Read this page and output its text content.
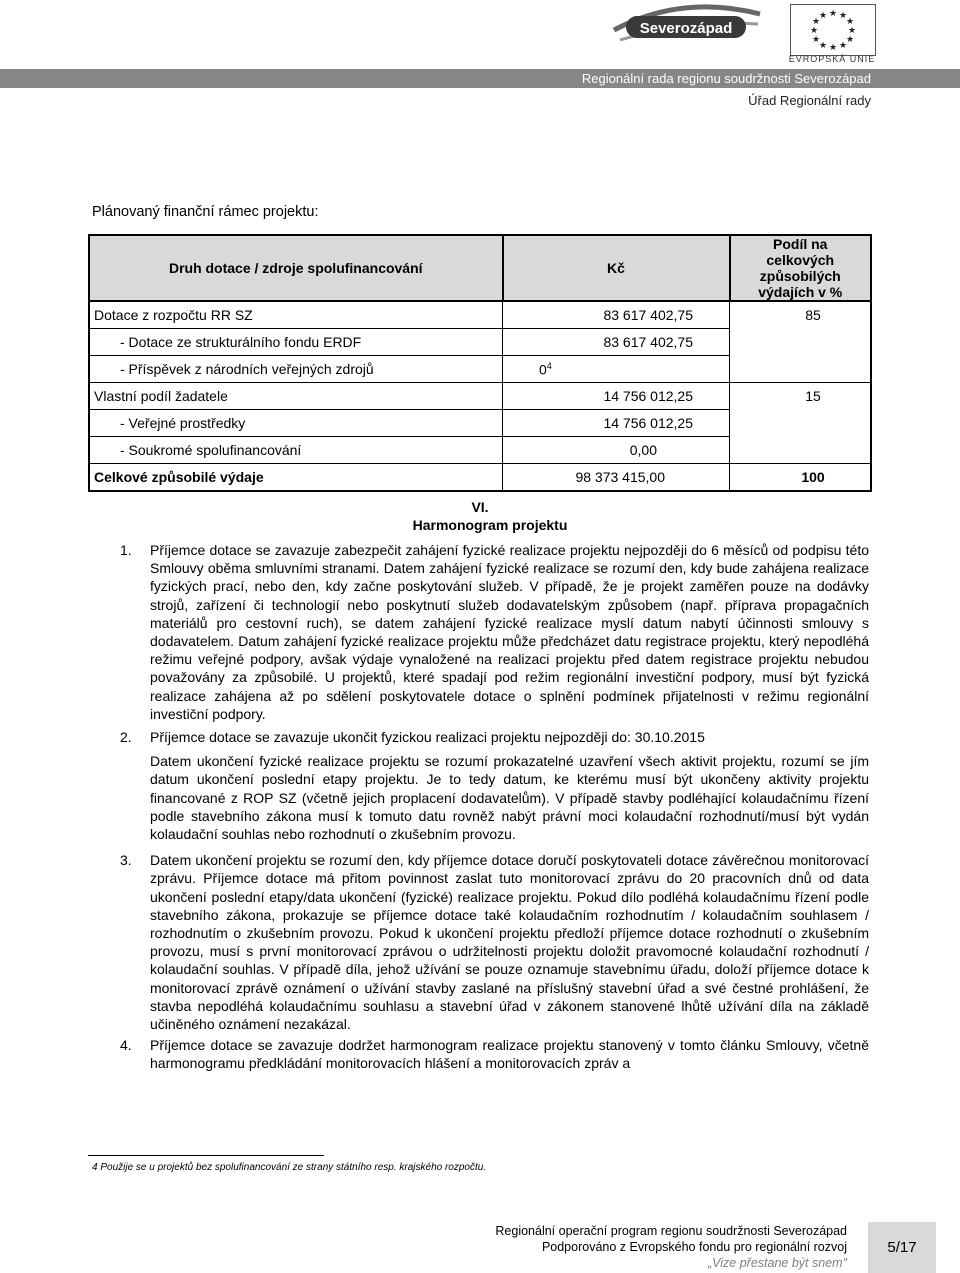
Severozápad
★ ★
★
★
★
★
★
★
★
★
★
★
EVROPSKÁ UNIE
Regionální rada regionu soudržnosti Severozápad
Úřad Regionální rady
Plánovaný finanční rámec projektu:
Druh dotace / zdroje spolufinancování	Kč	Podíl na celkových způsobilých výdajích v %
Dotace z rozpočtu RR SZ	83 617 402,75	85
- Dotace ze strukturálního fondu ERDF	83 617 402,75	
- Příspěvek z národních veřejných zdrojů	$0^4$	
Vlastní podíl žadatele	14 756 012,25	15
- Veřejné prostředky	14 756 012,25	
- Soukromé spolufinancování	0,00	
Celkové způsobilé výdaje	98 373 415,00	100
VI.
Harmonogram projektu
1. Příjemce dotace se zavazuje zabezpečit zahájení fyzické realizace projektu nejpozději do 6 měsíců od podpisu této Smlouvy oběma smluvními stranami. Datem zahájení fyzické realizace se rozumí den, kdy bude zahájena realizace fyzických prací, nebo den, kdy začne poskytování služeb. V případě, že je projekt zaměřen pouze na dodávky strojů, zařízení či technologií nebo poskytnutí služeb dodavatelským způsobem (např. příprava propagačních materiálů pro cestovní ruch), se datem zahájení fyzické realizace myslí datum nabytí účinnosti smlouvy s dodavatelem. Datum zahájení fyzické realizace projektu může předcházet datu registrace projektu, který nepodléhá režimu veřejné podpory, avšak výdaje vynaložené na realizaci projektu před datem registrace projektu nebudou považovány za způsobilé. U projektů, které spadají pod režim regionální investiční podpory, musí být fyzická realizace zahájena až po sdělení poskytovatele dotace o splnění podmínek přijatelnosti v režimu regionální investiční podpory.
2. Příjemce dotace se zavazuje ukončit fyzickou realizaci projektu nejpozději do: 30.10.2015
Datem ukončení fyzické realizace projektu se rozumí prokazatelné uzavření všech aktivit projektu, rozumí se jím datum ukončení poslední etapy projektu. Je to tedy datum, ke kterému musí být ukončeny aktivity projektu financované z ROP SZ (včetně jejich proplacení dodavatelům). V případě stavby podléhající kolaudačnímu řízení podle stavebního zákona musí k tomuto datu rovněž nabýt právní moci kolaudační rozhodnutí/musí být vydán kolaudační souhlas nebo rozhodnutí o zkušebním provozu.
3. Datem ukončení projektu se rozumí den, kdy příjemce dotace doručí poskytovateli dotace závěrečnou monitorovací zprávu. Příjemce dotace má přitom povinnost zaslat tuto monitorovací zprávu do 20 pracovních dnů od data ukončení poslední etapy/data ukončení (fyzické) realizace projektu. Pokud dílo podléhá kolaudačnímu řízení podle stavebního zákona, prokazuje se příjemce dotace také kolaudačním rozhodnutím / kolaudačním souhlasem / rozhodnutím o zkušebním provozu. Pokud k ukončení projektu předloží příjemce dotace rozhodnutí o zkušebním provozu, musí s první monitorovací zprávou o udržitelnosti projektu doložit pravomocné kolaudační rozhodnutí / kolaudační souhlas. V případě díla, jehož užívání se pouze oznamuje stavebnímu úřadu, doloží příjemce dotace k monitorovací zprávě oznámení o užívání stavby zaslané na příslušný stavební úřad a své čestné prohlášení, že stavba nepodléhá kolaudačnímu souhlasu a stavební úřad v zákonem stanovené lhůtě užívání díla na základě učiněného oznámení nezakázal.
4. Příjemce dotace se zavazuje dodržet harmonogram realizace projektu stanovený v tomto článku Smlouvy, včetně harmonogramu předkládání monitorovacích hlášení a monitorovacích zpráv a
4 Použije se u projektů bez spolufinancování ze strany státního resp. krajského rozpočtu.
Regionální operační program regionu soudržnosti Severozápad
Podporováno z Evropského fondu pro regionální rozvoj
„Vize přestane být snem"
5/17
